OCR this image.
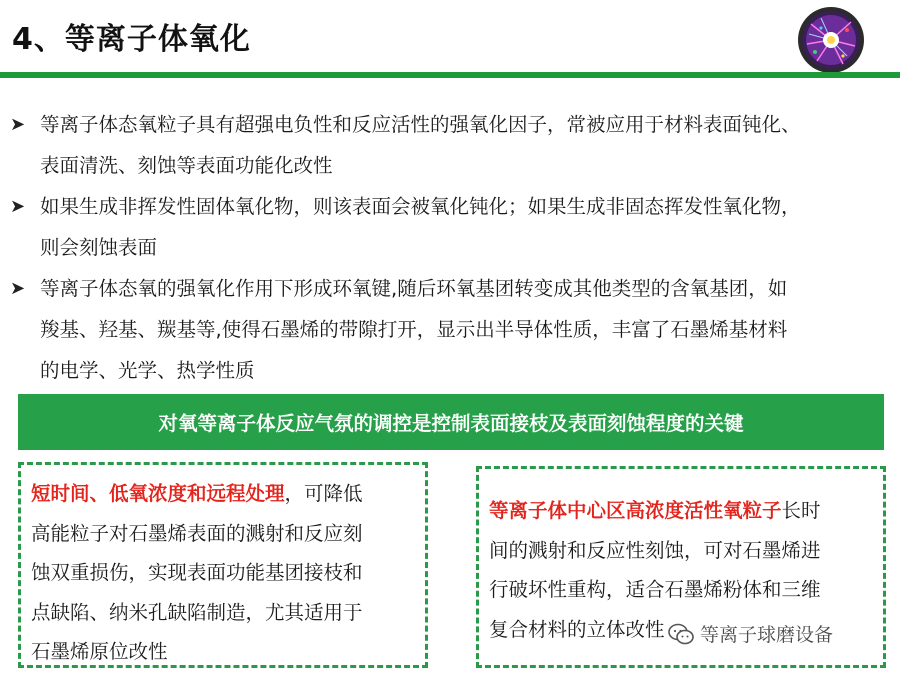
4、等离子体氧化
➤ 等离子体态氧粒子具有超强电负性和反应活性的强氧化因子，常被应用于材料表面钝化、
表面清洗、刻蚀等表面功能化改性
➤ 如果生成非挥发性固体氧化物，则该表面会被氧化钝化；如果生成非固态挥发性氧化物，
则会刻蚀表面
➤ 等离子体态氧的强氧化作用下形成环氧键,随后环氧基团转变成其他类型的含氧基团，如
羧基、羟基、羰基等,使得石墨烯的带隙打开，显示出半导体性质，丰富了石墨烯基材料
的电学、光学、热学性质
对氧等离子体反应气氛的调控是控制表面接枝及表面刻蚀程度的关键
短时间、低氧浓度和远程处理，可降低
高能粒子对石墨烯表面的溅射和反应刻
蚀双重损伤，实现表面功能基团接枝和
点缺陷、纳米孔缺陷制造，尤其适用于
石墨烯原位改性
等离子体中心区高浓度活性氧粒子长时
间的溅射和反应性刻蚀，可对石墨烯进
行破坏性重构，适合石墨烯粉体和三维
复合材料的立体改性	等离子球磨设备
